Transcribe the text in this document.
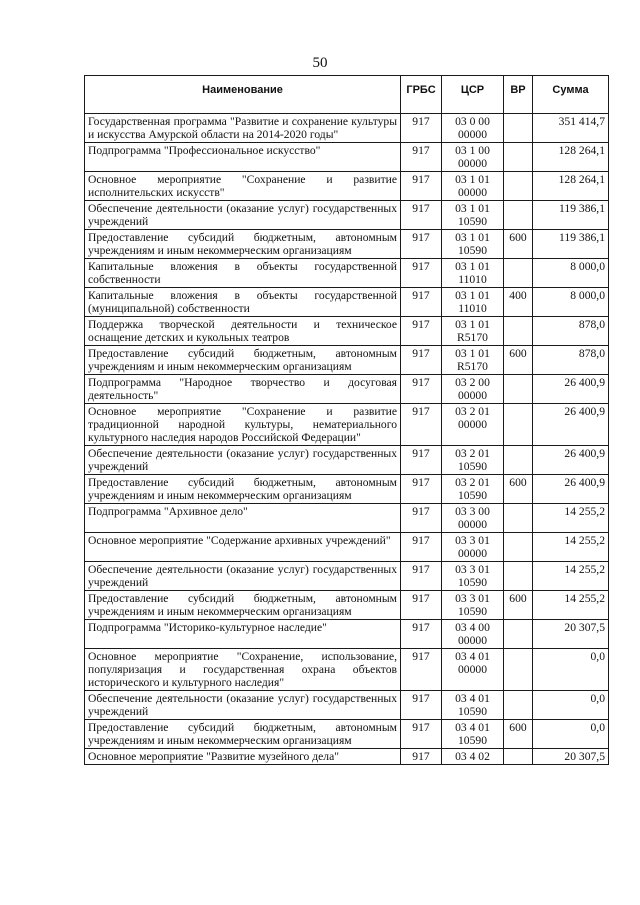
50
Наименование	ГРБС	ЦСР	ВР	Сумма
Государственная программа "Развитие и сохранение культуры и искусства Амурской области на 2014-2020 годы"	917	03 0 00 00000		351 414,7
Подпрограмма "Профессиональное искусство"	917	03 1 00 00000		128 264,1
Основное мероприятие "Сохранение и развитие исполнительских искусств"	917	03 1 01 00000		128 264,1
Обеспечение деятельности (оказание услуг) государственных учреждений	917	03 1 01 10590		119 386,1
Предоставление субсидий бюджетным, автономным учреждениям и иным некоммерческим организациям	917	03 1 01 10590	600	119 386,1
Капитальные вложения в объекты государственной собственности	917	03 1 01 11010		8 000,0
Капитальные вложения в объекты государственной (муниципальной) собственности	917	03 1 01 11010	400	8 000,0
Поддержка творческой деятельности и техническое оснащение детских и кукольных театров	917	03 1 01 R5170		878,0
Предоставление субсидий бюджетным, автономным учреждениям и иным некоммерческим организациям	917	03 1 01 R5170	600	878,0
Подпрограмма "Народное творчество и досуговая деятельность"	917	03 2 00 00000		26 400,9
Основное мероприятие "Сохранение и развитие традиционной народной культуры, нематериального культурного наследия народов Российской Федерации"	917	03 2 01 00000		26 400,9
Обеспечение деятельности (оказание услуг) государственных учреждений	917	03 2 01 10590		26 400,9
Предоставление субсидий бюджетным, автономным учреждениям и иным некоммерческим организациям	917	03 2 01 10590	600	26 400,9
Подпрограмма "Архивное дело"	917	03 3 00 00000		14 255,2
Основное мероприятие "Содержание архивных учреждений"	917	03 3 01 00000		14 255,2
Обеспечение деятельности (оказание услуг) государственных учреждений	917	03 3 01 10590		14 255,2
Предоставление субсидий бюджетным, автономным учреждениям и иным некоммерческим организациям	917	03 3 01 10590	600	14 255,2
Подпрограмма "Историко-культурное наследие"	917	03 4 00 00000		20 307,5
Основное мероприятие "Сохранение, использование, популяризация и государственная охрана объектов исторического и культурного наследия"	917	03 4 01 00000		0,0
Обеспечение деятельности (оказание услуг) государственных учреждений	917	03 4 01 10590		0,0
Предоставление субсидий бюджетным, автономным учреждениям и иным некоммерческим организациям	917	03 4 01 10590	600	0,0
Основное мероприятие "Развитие музейного дела"	917	03 4 02		20 307,5
